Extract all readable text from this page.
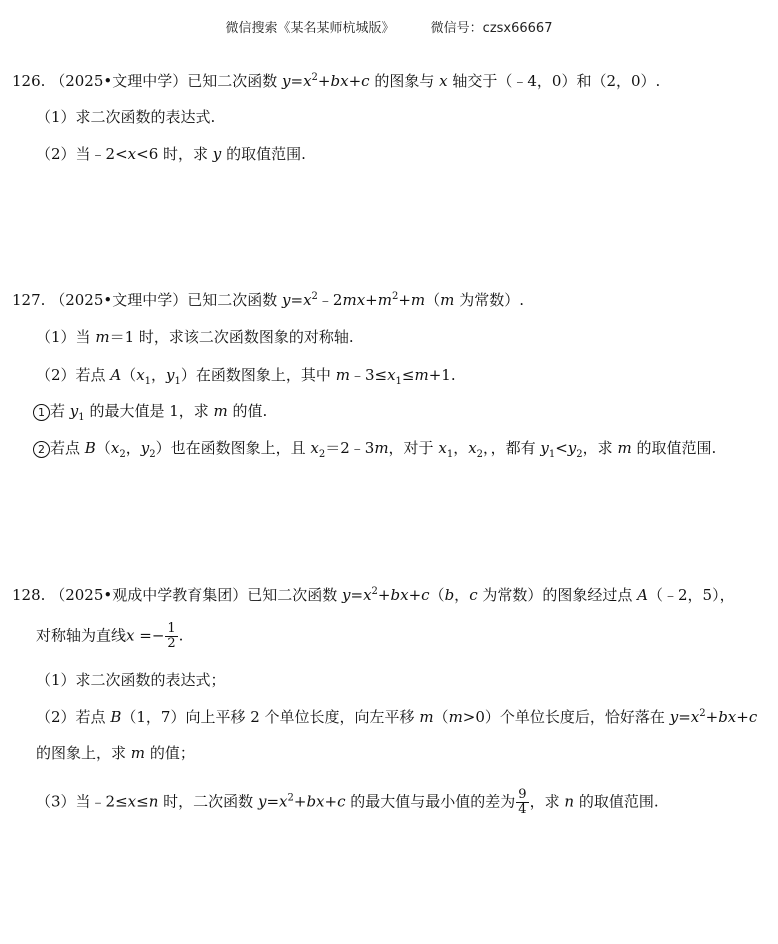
微信搜索《某名某师杭城版》	微信号：czsx66667
126. （2025•文理中学）已知二次函数 $y=x^2+bx+c$ 的图象与 x 轴交于（﹣4，0）和（2，0）.
（1）求二次函数的表达式.
（2）当﹣2<x<6 时，求 y 的取值范围.
127. （2025•文理中学）已知二次函数 $y=x^2﹣2mx+m^2+m(m$ 为常数）.
（1）当 m＝1 时，求该二次函数图象的对称轴.
（2）若点 $A(x_1$，$y_1$）在函数图象上，其中 $m﹣3\le x_1\le m+1$.
1 若 $y_1$ 的最大值是 1，求 m 的值.
2 若点 $B(x_2$，$y_2$）也在函数图象上，且 $x_2=2﹣3m$，对于 $x_1$，$x_2$，，都有 $y_1<y_2$，求 m 的取值范围.
128. （2025•观成中学教育集团）已知二次函数 $y=x^2+bx+c(b$，c 为常数）的图象经过点 A（﹣2，5），
对称轴为直线$x =- \frac{1}{2}$ .
（1）求二次函数的表达式；
（2）若点 B（1，7）向上平移 2 个单位长度，向左平移 m（m>0）个单位长度后，恰好落在 $y=x^2+bx+c$
的图象上，求 m 的值；
（3）当﹣2≤x≤n 时，二次函数 $y=x^2+bx+c$ 的最大值与最小值的差为 $\frac{9}{4}$ ，求 n 的取值范围.
